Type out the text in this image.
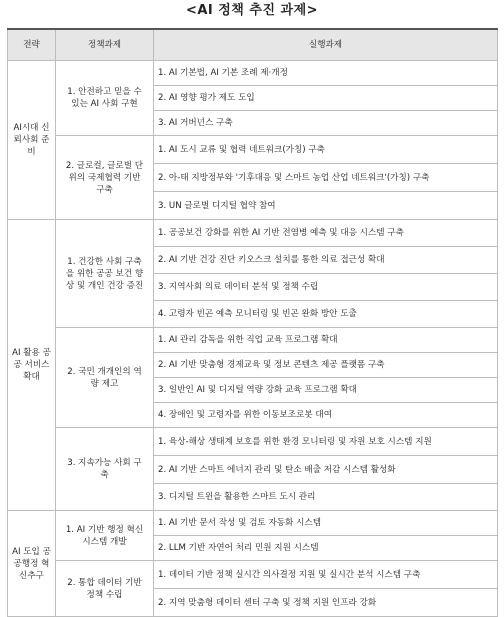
<AI 정책 추진 과제>
전략	정책과제	실행과제
AI시대 신뢰사회 준비	1. 안전하고 믿을 수 있는 AI 사회 구현	1. AI 기본법, AI 기본 조례 제·개정
		2. AI 영향 평가 제도 도입
		3. AI 거버넌스 구축
	2. 글로컬, 글로벌 단위의 국제협력 기반 구축	1. AI 도시 교류 및 협력 네트워크(가칭) 구축
		2. 아-태 지방정부와 '기후대응 및 스마트 농업 산업 네트워크'(가칭) 구축
		3. UN 글로벌 디지털 협약 참여
AI 활용 공공 서비스 확대	1. 건강한 사회 구축을 위한 공공 보건 향상 및 개인 건강 증진	1. 공공보건 강화를 위한 AI 기반 전염병 예측 및 대응 시스템 구축
		2. AI 기반 건강 진단 키오스크 설치를 통한 의료 접근성 확대
		3. 지역사회 의료 데이터 분석 및 정책 수립
		4. 고령자 빈곤 예측 모니터링 및 빈곤 완화 방안 도출
	2. 국민 개개인의 역량 제고	1. AI 관리 감독을 위한 직업 교육 프로그램 확대
		2. AI 기반 맞춤형 경제교육 및 정보 콘텐츠 제공 플랫폼 구축
		3. 일반인 AI 및 디지털 역량 강화 교육 프로그램 확대
		4. 장애인 및 고령자를 위한 이동보조로봇 대여
	3. 지속가능 사회 구축	1. 육상-해상 생태계 보호를 위한 환경 모니터링 및 자원 보호 시스템 지원
		2. AI 기반 스마트 에너지 관리 및 탄소 배출 저감 시스템 활성화
		3. 디지털 트윈을 활용한 스마트 도시 관리
AI 도입 공공행정 혁신추구	1. AI 기반 행정 혁신 시스템 개발	1. AI 기반 문서 작성 및 검토 자동화 시스템
		2. LLM 기반 자연어 처리 민원 지원 시스템
	2. 통합 데이터 기반 정책 수립	1. 데이터 기반 정책 실시간 의사결정 지원 및 실시간 분석 시스템 구축
		2. 지역 맞춤형 데이터 센터 구축 및 정책 지원 인프라 강화
